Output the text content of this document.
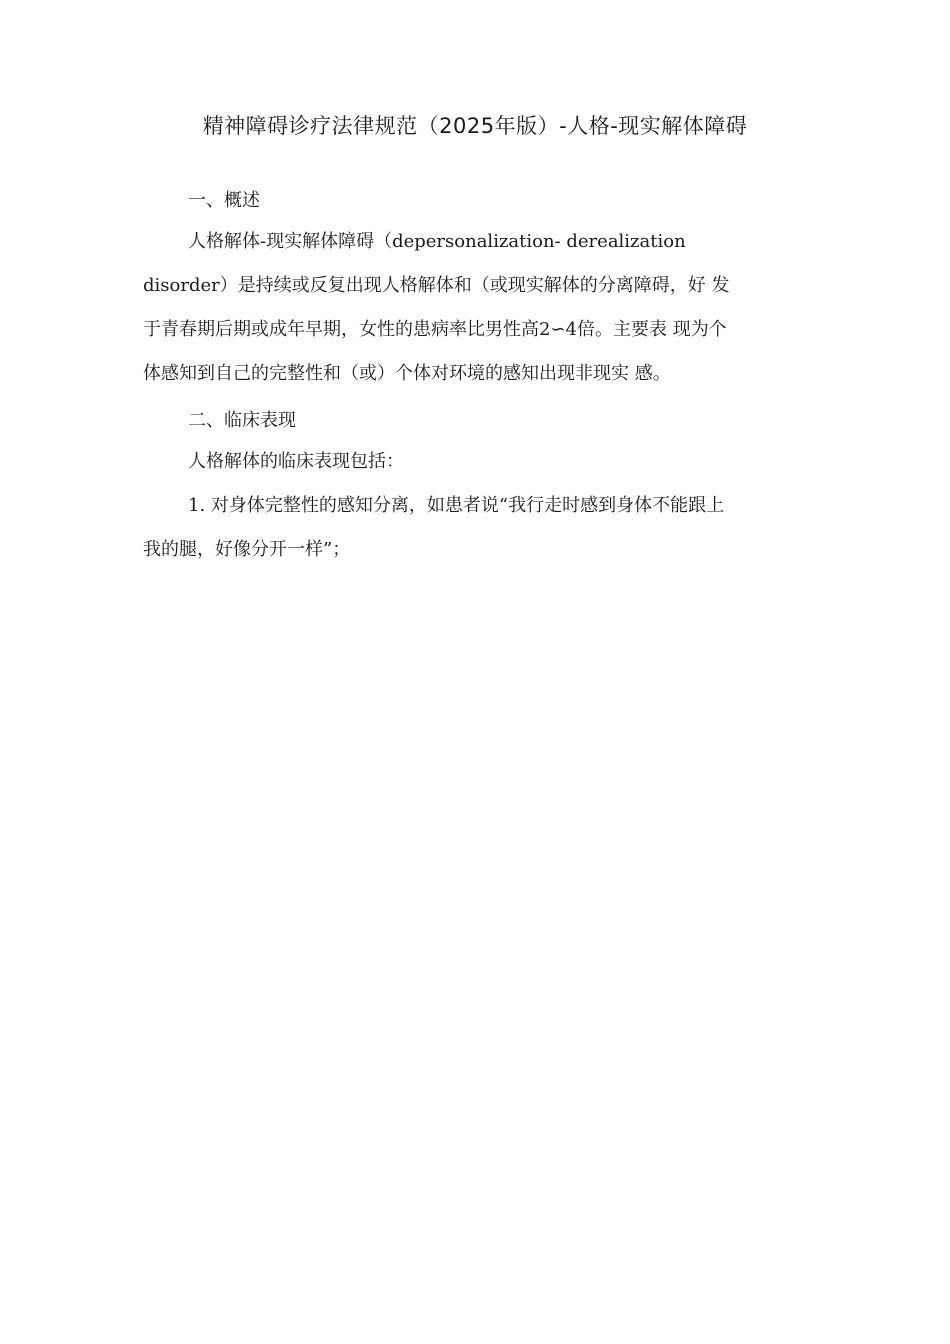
精神障碍诊疗法律规范（2025年版）-人格-现实解体障碍
一、概述
人格解体-现实解体障碍（depersonalization- derealization
disorder）是持续或反复出现人格解体和（或现实解体的分离障碍，好 发
于青春期后期或成年早期，女性的患病率比男性高2∽4倍。主要表 现为个
体感知到自己的完整性和（或）个体对环境的感知出现非现实 感。
二、临床表现
人格解体的临床表现包括：
1. 对身体完整性的感知分离，如患者说“我行走时感到身体不能跟上
我的腿，好像分开一样”；
